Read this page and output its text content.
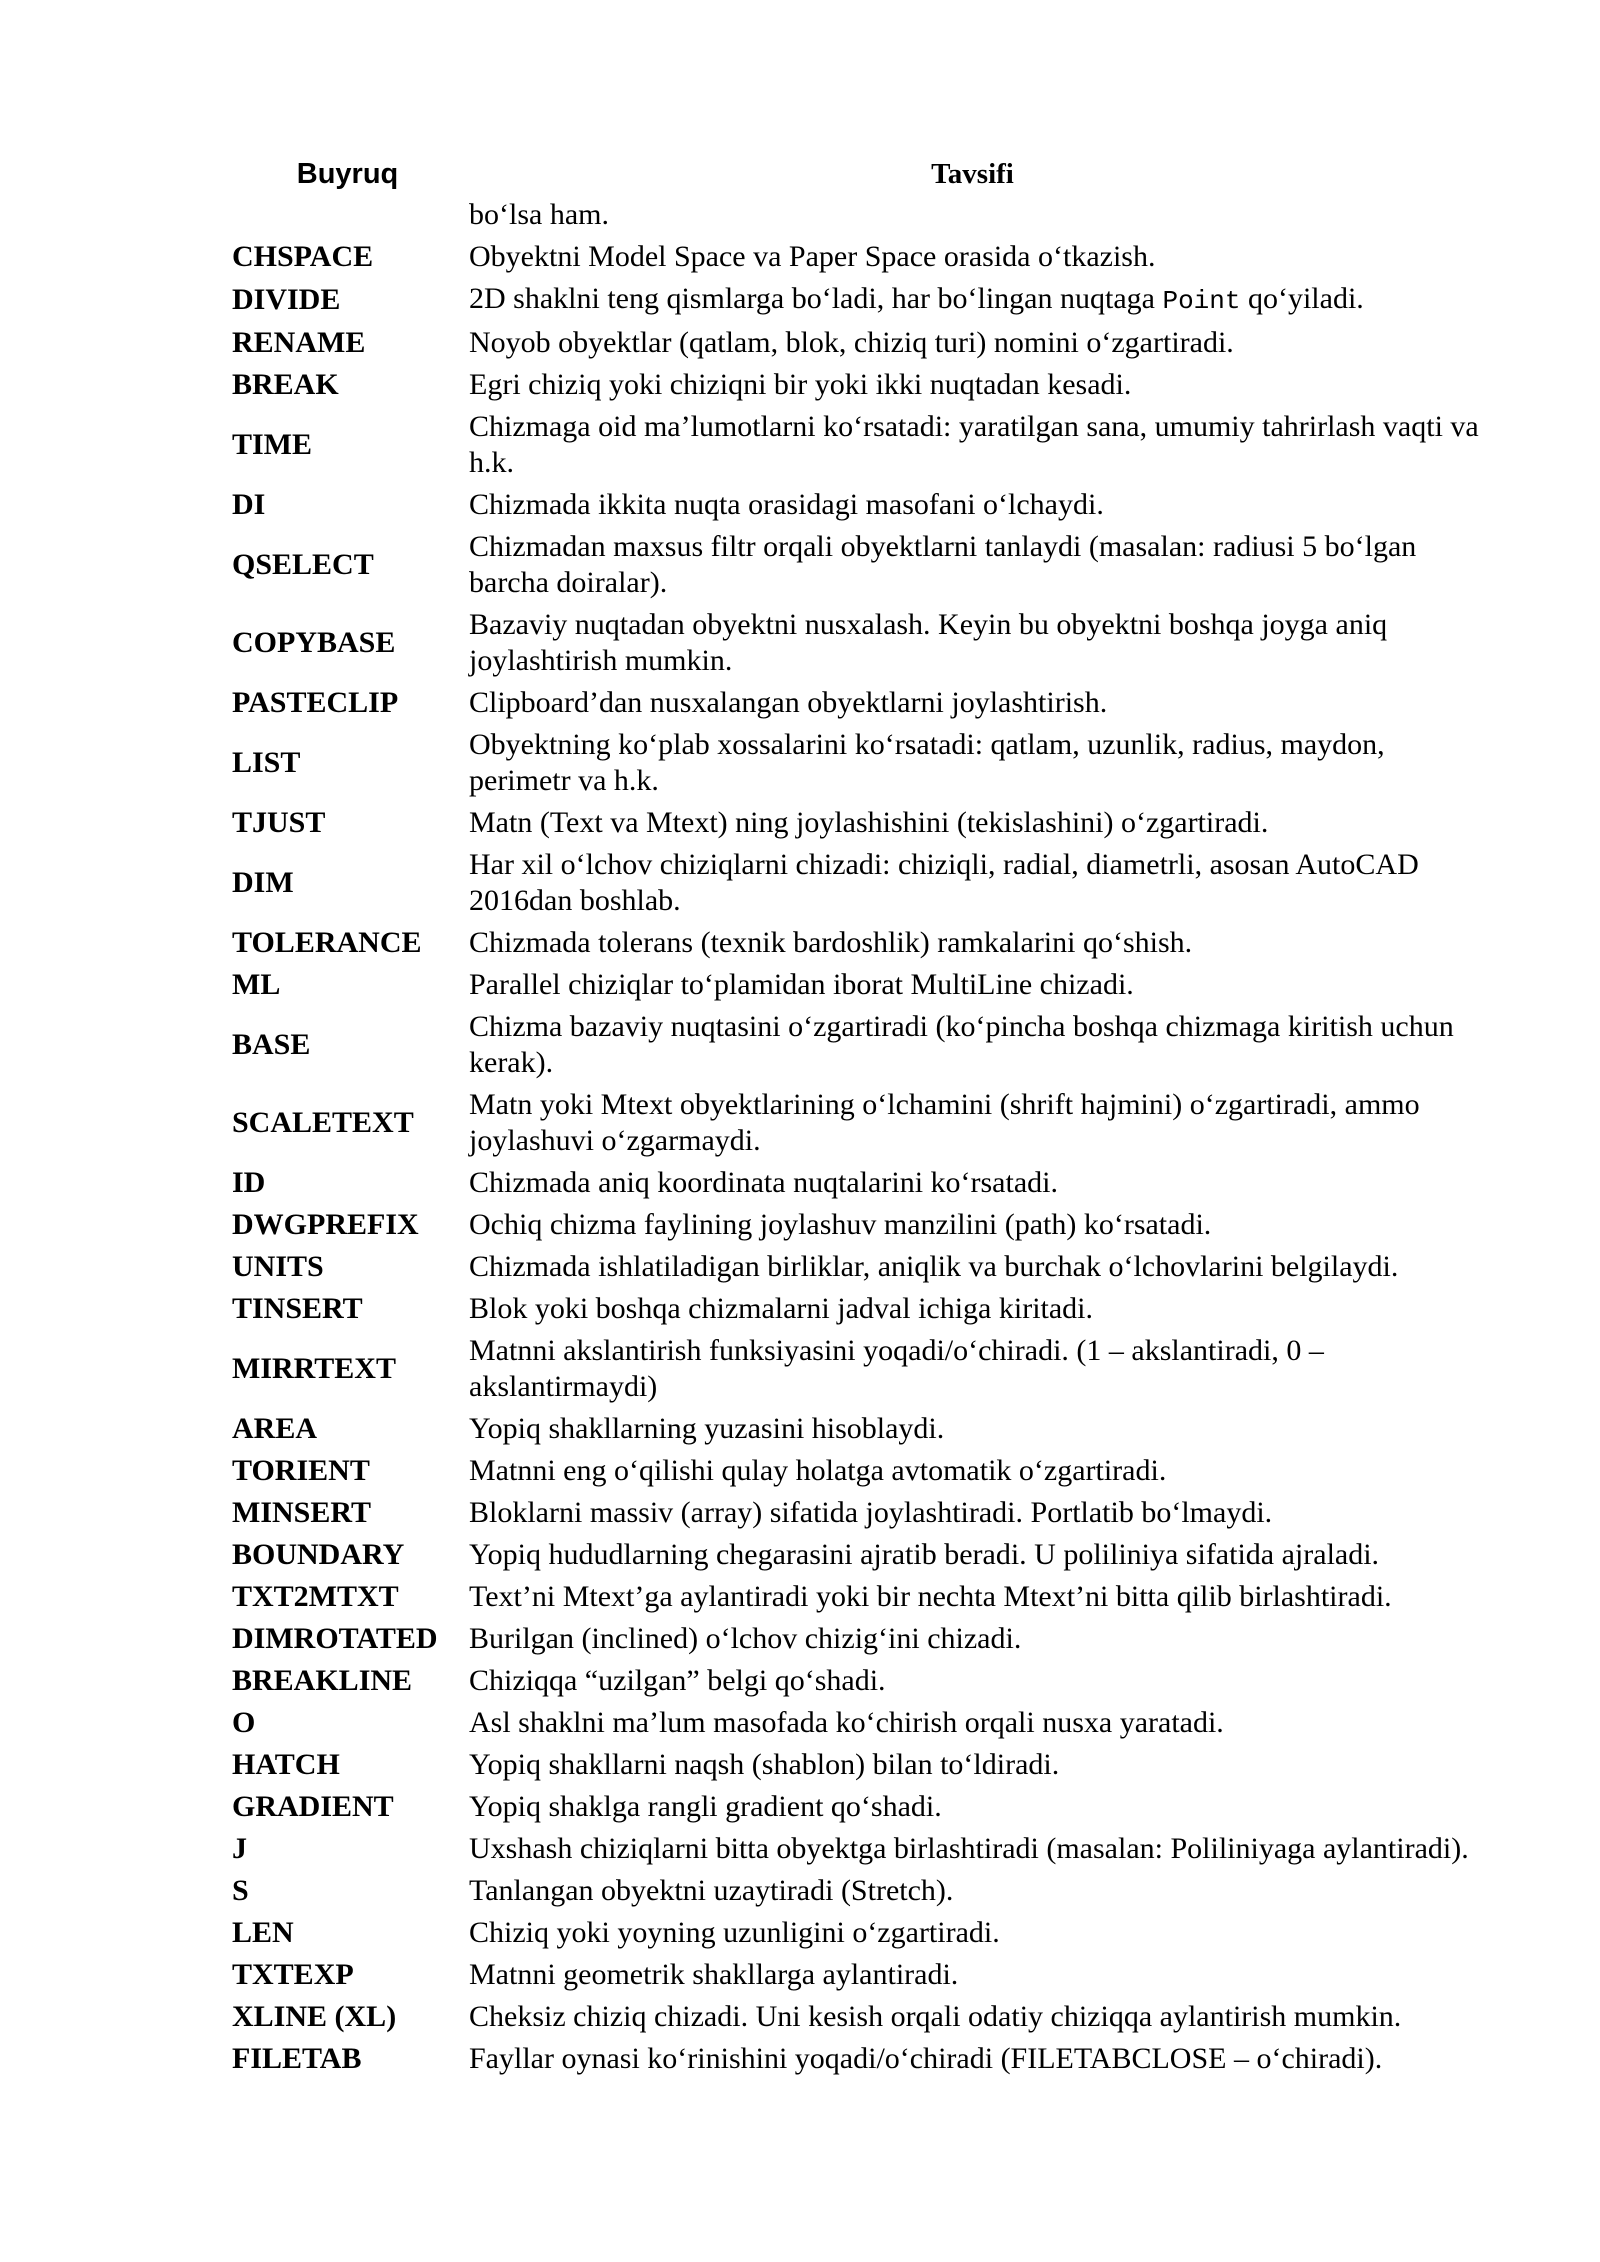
Buyruq	Tavsifi
	bo‘lsa ham.
CHSPACE	Obyektni Model Space va Paper Space orasida o‘tkazish.
DIVIDE	2D shaklni teng qismlarga bo‘ladi, har bo‘lingan nuqtaga Point qo‘yiladi.
RENAME	Noyob obyektlar (qatlam, blok, chiziq turi) nomini o‘zgartiradi.
BREAK	Egri chiziq yoki chiziqni bir yoki ikki nuqtadan kesadi.
TIME	Chizmaga oid ma’lumotlarni ko‘rsatadi: yaratilgan sana, umumiy tahrirlash vaqti va h.k.
DI	Chizmada ikkita nuqta orasidagi masofani o‘lchaydi.
QSELECT	Chizmadan maxsus filtr orqali obyektlarni tanlaydi (masalan: radiusi 5 bo‘lgan barcha doiralar).
COPYBASE	Bazaviy nuqtadan obyektni nusxalash. Keyin bu obyektni boshqa joyga aniq joylashtirish mumkin.
PASTECLIP	Clipboard’dan nusxalangan obyektlarni joylashtirish.
LIST	Obyektning ko‘plab xossalarini ko‘rsatadi: qatlam, uzunlik, radius, maydon, perimetr va h.k.
TJUST	Matn (Text va Mtext) ning joylashishini (tekislashini) o‘zgartiradi.
DIM	Har xil o‘lchov chiziqlarni chizadi: chiziqli, radial, diametrli, asosan AutoCAD 2016dan boshlab.
TOLERANCE	Chizmada tolerans (texnik bardoshlik) ramkalarini qo‘shish.
ML	Parallel chiziqlar to‘plamidan iborat MultiLine chizadi.
BASE	Chizma bazaviy nuqtasini o‘zgartiradi (ko‘pincha boshqa chizmaga kiritish uchun kerak).
SCALETEXT	Matn yoki Mtext obyektlarining o‘lchamini (shrift hajmini) o‘zgartiradi, ammo joylashuvi o‘zgarmaydi.
ID	Chizmada aniq koordinata nuqtalarini ko‘rsatadi.
DWGPREFIX	Ochiq chizma faylining joylashuv manzilini (path) ko‘rsatadi.
UNITS	Chizmada ishlatiladigan birliklar, aniqlik va burchak o‘lchovlarini belgilaydi.
TINSERT	Blok yoki boshqa chizmalarni jadval ichiga kiritadi.
MIRRTEXT	Matnni akslantirish funksiyasini yoqadi/o‘chiradi. (1 – akslantiradi, 0 – akslantirmaydi)
AREA	Yopiq shakllarning yuzasini hisoblaydi.
TORIENT	Matnni eng o‘qilishi qulay holatga avtomatik o‘zgartiradi.
MINSERT	Bloklarni massiv (array) sifatida joylashtiradi. Portlatib bo‘lmaydi.
BOUNDARY	Yopiq hududlarning chegarasini ajratib beradi. U poliliniya sifatida ajraladi.
TXT2MTXT	Text’ni Mtext’ga aylantiradi yoki bir nechta Mtext’ni bitta qilib birlashtiradi.
DIMROTATED	Burilgan (inclined) o‘lchov chizig‘ini chizadi.
BREAKLINE	Chiziqqa “uzilgan” belgi qo‘shadi.
O	Asl shaklni ma’lum masofada ko‘chirish orqali nusxa yaratadi.
HATCH	Yopiq shakllarni naqsh (shablon) bilan to‘ldiradi.
GRADIENT	Yopiq shaklga rangli gradient qo‘shadi.
J	Uxshash chiziqlarni bitta obyektga birlashtiradi (masalan: Poliliniyaga aylantiradi).
S	Tanlangan obyektni uzaytiradi (Stretch).
LEN	Chiziq yoki yoyning uzunligini o‘zgartiradi.
TXTEXP	Matnni geometrik shakllarga aylantiradi.
XLINE (XL)	Cheksiz chiziq chizadi. Uni kesish orqali odatiy chiziqqa aylantirish mumkin.
FILETAB	Fayllar oynasi ko‘rinishini yoqadi/o‘chiradi (FILETABCLOSE – o‘chiradi).
